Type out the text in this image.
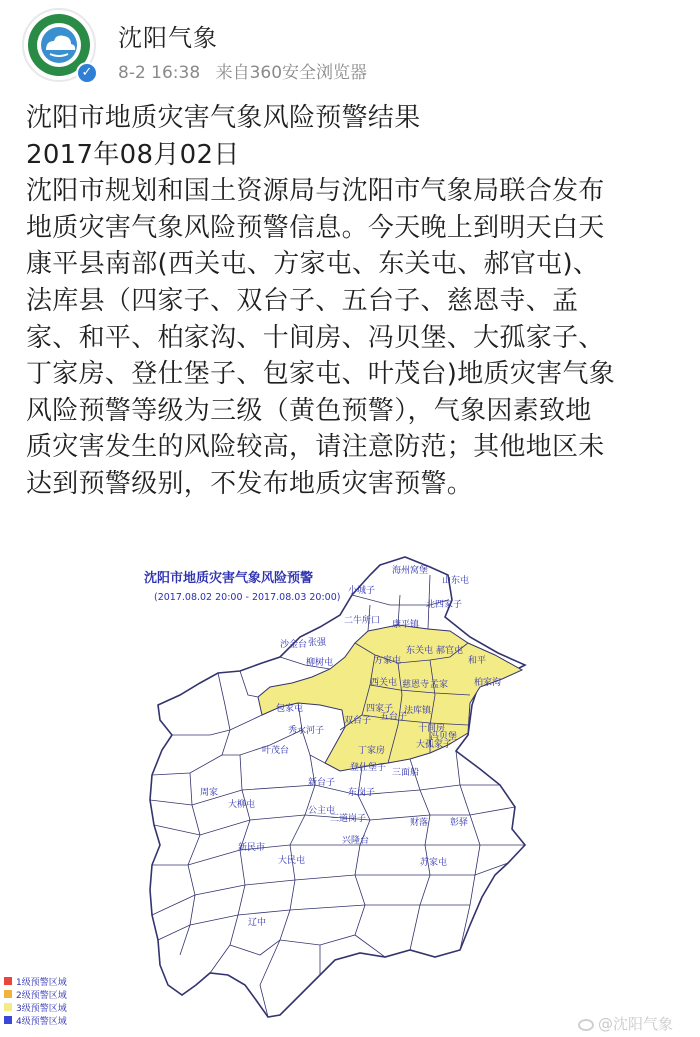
✓
沈阳气象
8-2 16:38 来自360安全浏览器
沈阳市地质灾害气象风险预警结果
2017年08月02日
沈阳市规划和国土资源局与沈阳市气象局联合发布
地质灾害气象风险预警信息。今天晚上到明天白天
康平县南部(西关屯、方家屯、东关屯、郝官屯)、
法库县（四家子、双台子、五台子、慈恩寺、孟
家、和平、柏家沟、十间房、冯贝堡、大孤家子、
丁家房、登仕堡子、包家屯、叶茂台)地质灾害气象
风险预警等级为三级（黄色预警），气象因素致地
质灾害发生的风险较高，请注意防范；其他地区未
达到预警级别，不发布地质灾害预警。
海州窝堡
山东屯
小城子
北四家子
二牛所口 康平镇
沙金台 张强
东关屯 郝官屯
方家屯	和平
柳树屯
西关屯 慈恩寺 孟家	柏家沟
包家屯	四家子 法库镇
双台子 五台子
十间房
秀水河子
叶茂台	丁家房
大孤家子
冯贝堡
登仕堡子 三面船
新台子
东岗子
周家
大柳屯
公主屯
三道岗子
兴隆台
财落 彰驿
新民市
大民屯	苏家屯
辽中
沈阳市地质灾害气象风险预警
(2017.08.02 20:00 - 2017.08.03 20:00)
1级预警区域
2级预警区域
3级预警区域
4级预警区域	@沈阳气象
